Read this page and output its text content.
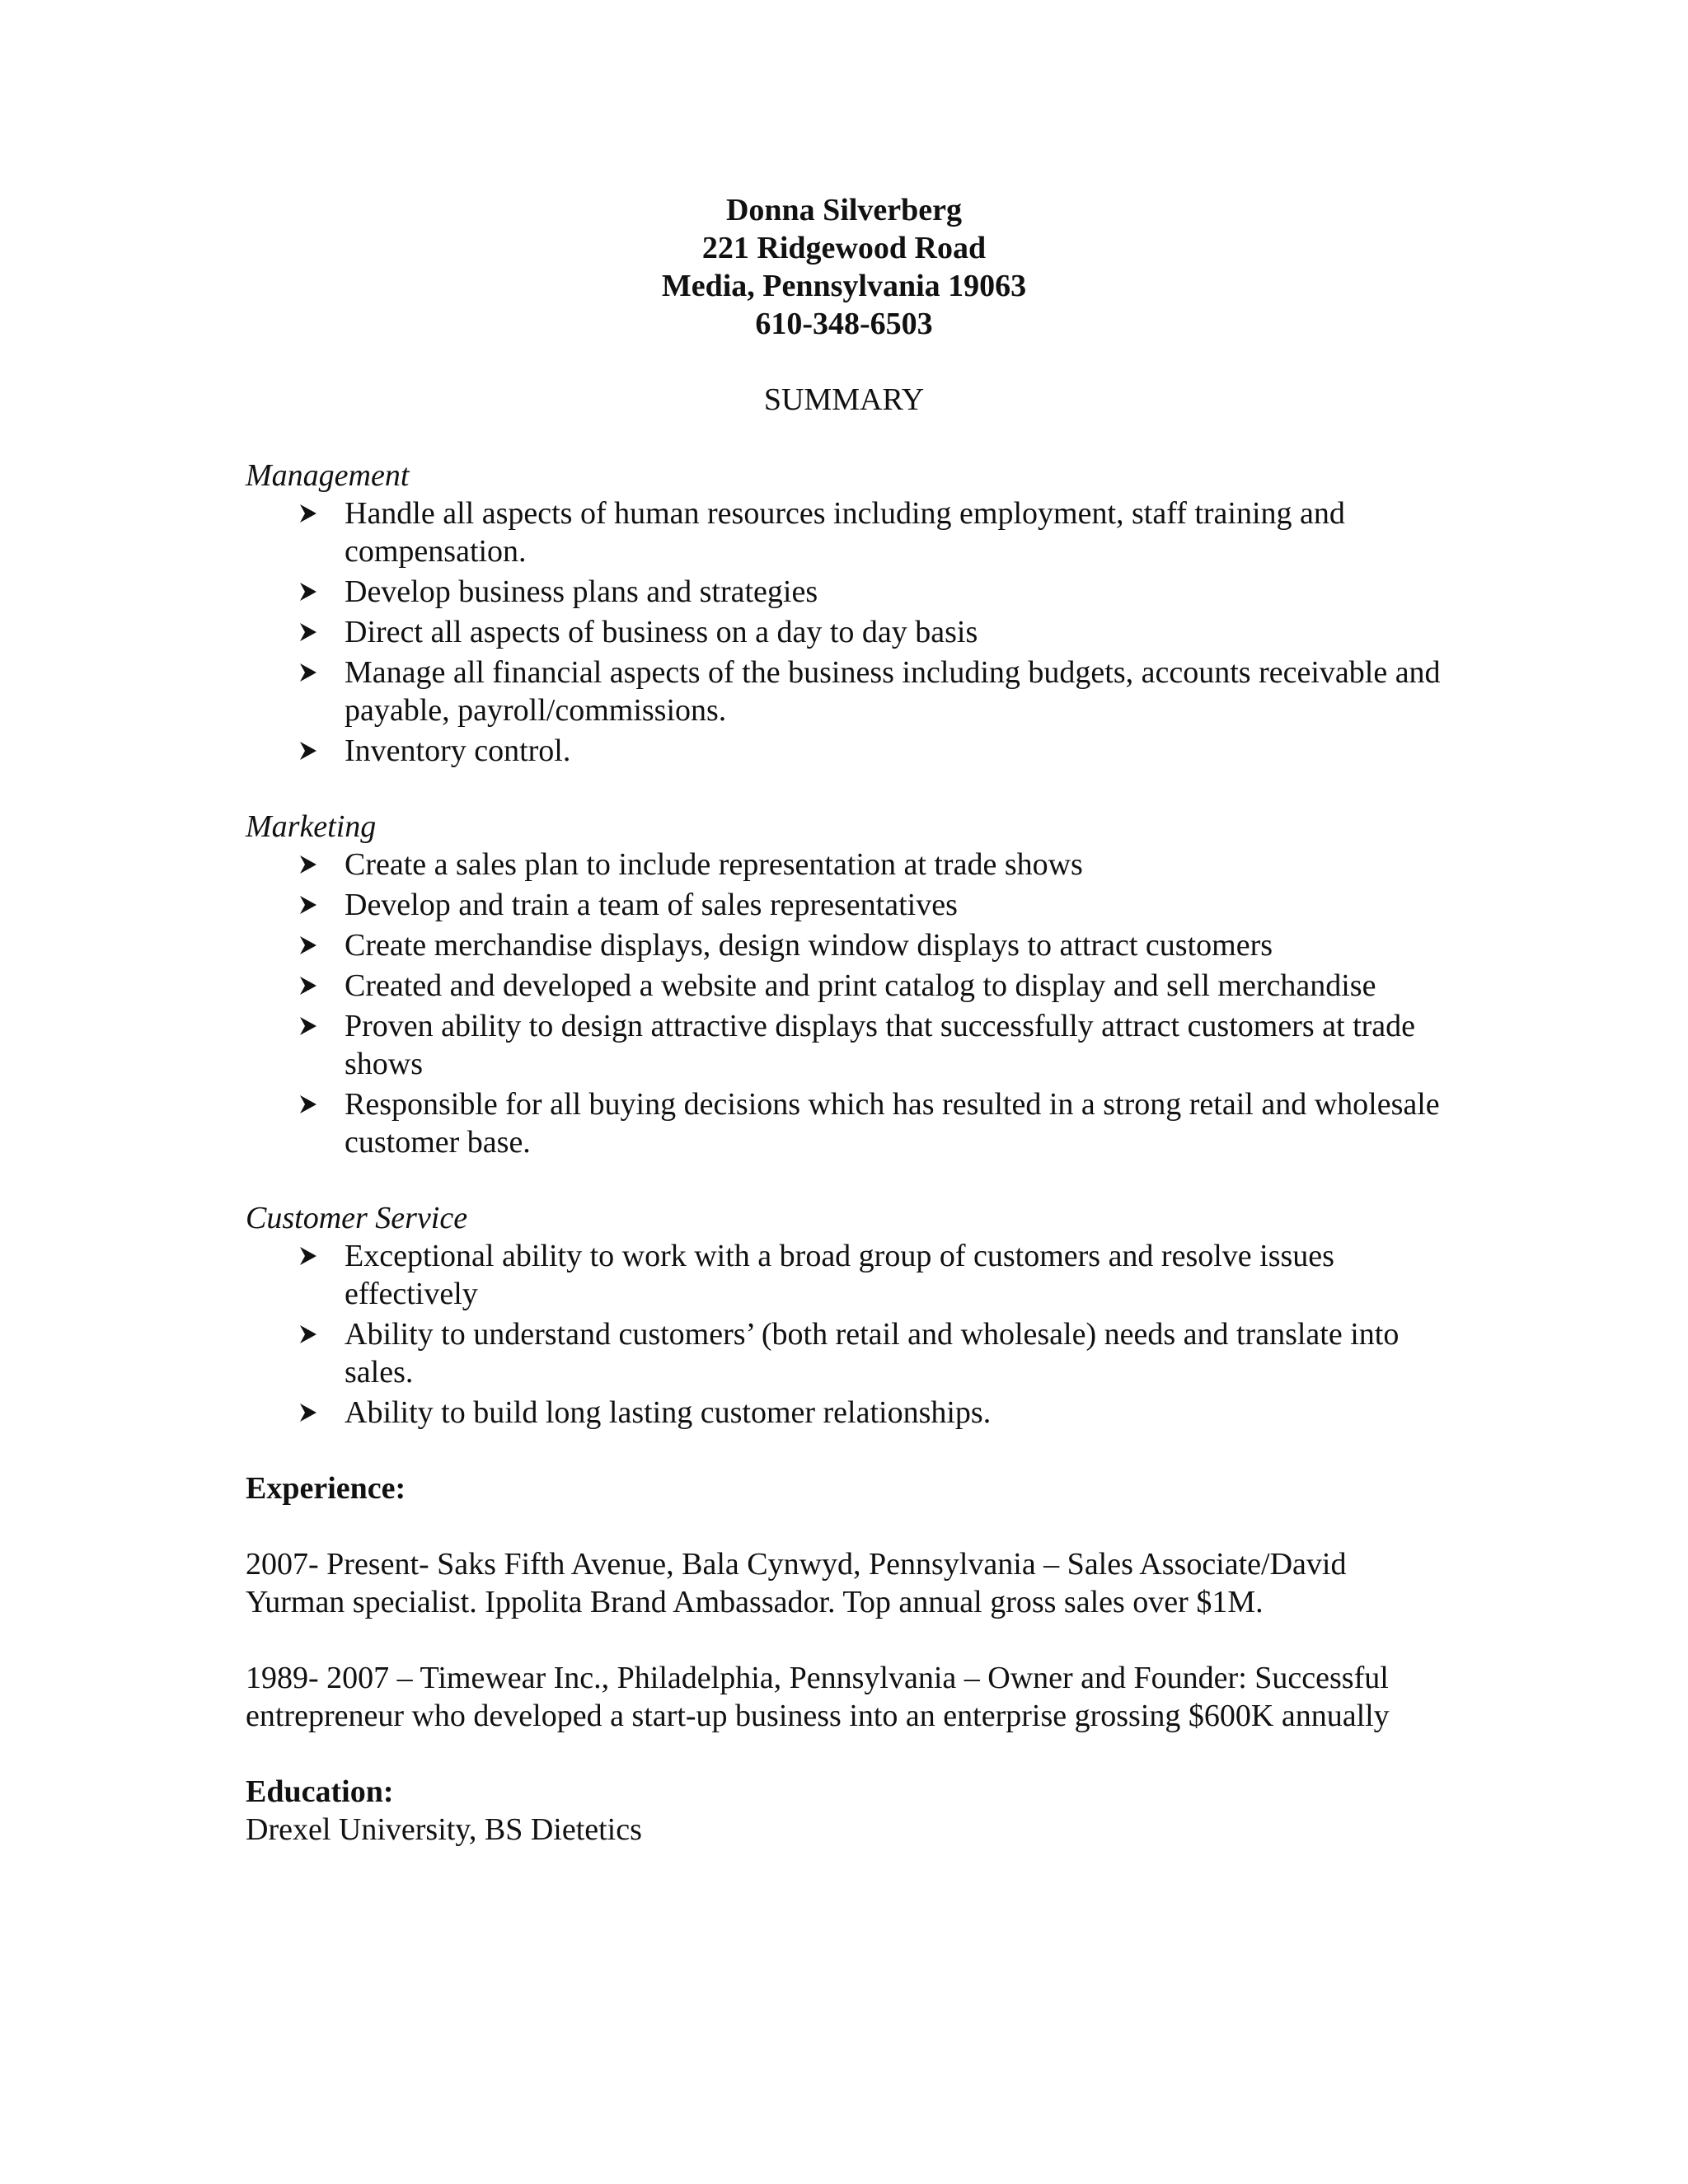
Donna Silverberg
221 Ridgewood Road
Media, Pennsylvania 19063
610-348-6503
SUMMARY
Management
Handle all aspects of human resources including employment, staff training and compensation.
Develop business plans and strategies
Direct all aspects of business on a day to day basis
Manage all financial aspects of the business including budgets, accounts receivable and payable, payroll/commissions.
Inventory control.
Marketing
Create a sales plan to include representation at trade shows
Develop and train a team of sales representatives
Create merchandise displays, design window displays to attract customers
Created and developed a website and print catalog to display and sell merchandise
Proven ability to design attractive displays that successfully attract customers at trade shows
Responsible for all buying decisions which has resulted in a strong retail and wholesale customer base.
Customer Service
Exceptional ability to work with a broad group of customers and resolve issues effectively
Ability to understand customers’ (both retail and wholesale) needs and translate into sales.
Ability to build long lasting customer relationships.
Experience:
2007- Present- Saks Fifth Avenue, Bala Cynwyd, Pennsylvania – Sales Associate/David Yurman specialist. Ippolita Brand Ambassador. Top annual gross sales over $1M.
1989- 2007 – Timewear Inc., Philadelphia, Pennsylvania – Owner and Founder: Successful entrepreneur who developed a start-up business into an enterprise grossing $600K annually
Education:
Drexel University, BS Dietetics
